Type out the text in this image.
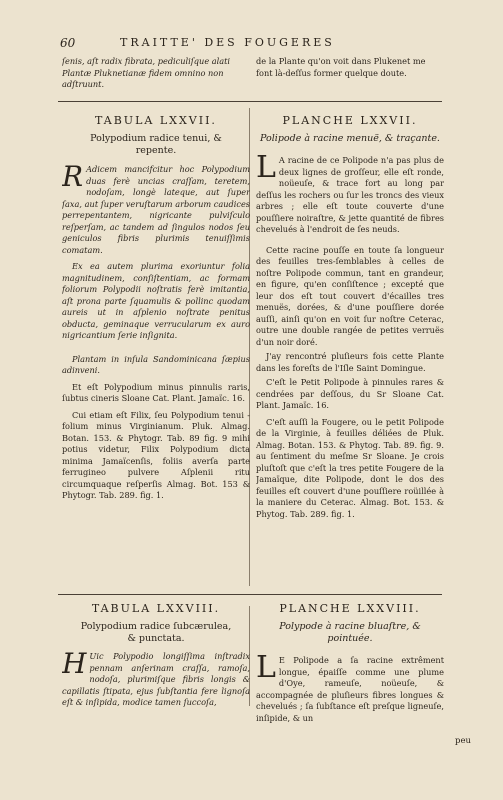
60	TRAITTE' DES FOUGERES

ſenis, aſt radix fibrata, pediculiſque alati

Plantæ Pluknetianæ fidem omnino non

adſtruunt.

de la Plante qu'on voit dans Plukenet me

font là-deſſus former quelque doute.

TABULA LXXVII.

Polypodium radice tenui, &

repente.

R Adicem mancifcitur hoc Polypodium duas ferè uncias craſſam, teretem, nodoſam, longè lateque, aut ſuper ſaxa, aut ſuper veruſtarum arborum caudices perrepentantem, nigricante pulviſculo reſperſam, ac tandem ad ſingulos nodos ſeu geniculos fibris plurimis tenuiſſimis comatam.

Ex ea autem plurima exoriuntur folia magnitudinem, conſiſtentiam, ac formam foliorum Polypodii noſtratis ferè imitantia, aſt prona parte ſquamulis & pollinc quodam aureis ut in aſplenio noſtrate penitus obducta, geminaque verrucularum ex auro nigricantium ſerie inſignita.

Plantam in inſula Sandominicana ſæpius adinveni.

Et eſt Polypodium minus pinnulis raris, ſubtus cineris Sloane Cat. Plant. Jamaïc. 16.

Cui etiam eſt Filix, ſeu Polypodium tenui - folium minus Virginianum. Pluk. Almag. Botan. 153. & Phytogr. Tab. 89 fig. 9 mihi potius videtur, Filix Polypodium dicta minima Jamaïcenſis, foliis averſa parte ferrugineo pulvere Aſplenii ritu circumquaque reſperſis Almag. Bot. 153 & Phytogr. Tab. 289. fig. 1.

PLANCHE LXXVII.

Polipode à racine menuë, & traçante.

L A racine de ce Polipode n'a pas plus de deux lignes de groſſeur, elle eſt ronde, noüeuſe, & trace fort au long par deſſus les rochers ou ſur les troncs des vieux arbres ; elle eſt toute couverte d'une pouſſiere noiraſtre, & jette quantité de fibres chevelués à l'endroit de ſes neuds.

Cette racine pouſſe en toute ſa longueur des feuilles tres-ſemblables à celles de noſtre Polipode commun, tant en grandeur, en figure, qu'en conſiſtence ; excepté que leur dos eſt tout couvert d'écailles tres menuës, dorées, & d'une pouſſiere dorée auſſi, ainſi qu'on en voit ſur noſtre Ceterac, outre une double rangée de petites verruës d'un noir doré.

J'ay rencontré pluſieurs fois cette Plante dans les foreſts de l'Iſle Saint Domingue.

C'eſt le Petit Polipode à pinnules rares & cendrées par deſſous, du Sr Sloane Cat. Plant. Jamaïc. 16.

C'eſt auſſi la Fougere, ou le petit Polipode de la Virginie, à feuilles déliées de Pluk. Almag. Botan. 153. & Phytog. Tab. 89. fig. 9. au ſentiment du meſme Sr Sloane. Je crois pluſtoſt que c'eſt la tres petite Fougere de la Jamaïque, dite Polipode, dont le dos des feuilles eſt couvert d'une pouſſiere roüillée à la maniere du Ceterac. Almag. Bot. 153. & Phytog. Tab. 289. fig. 1.

TABULA LXXVIII.

Polypodium radice ſubcærulea,

& punctata.

H Uic Polypodio longiſſima inſtradix pennam anſerinam craſſa, ramoſa, nodoſa, plurimiſque fibris longis & capillatis ſtipata, ejus ſubſtantia fere lignoſa eſt & inſipida, modice tamen ſuccoſa,

PLANCHE LXXVIII.

Polypode à racine bluaſtre, & pointuée.

L E Polipode a ſa racine extrêment longue, épaiſſe comme une plume d'Oye, rameuſe, noüeuſe, & accompagnée de pluſieurs fibres longues & chevelués ; ſa ſubſtance eſt preſque ligneuſe, inſipide, & un

peu
